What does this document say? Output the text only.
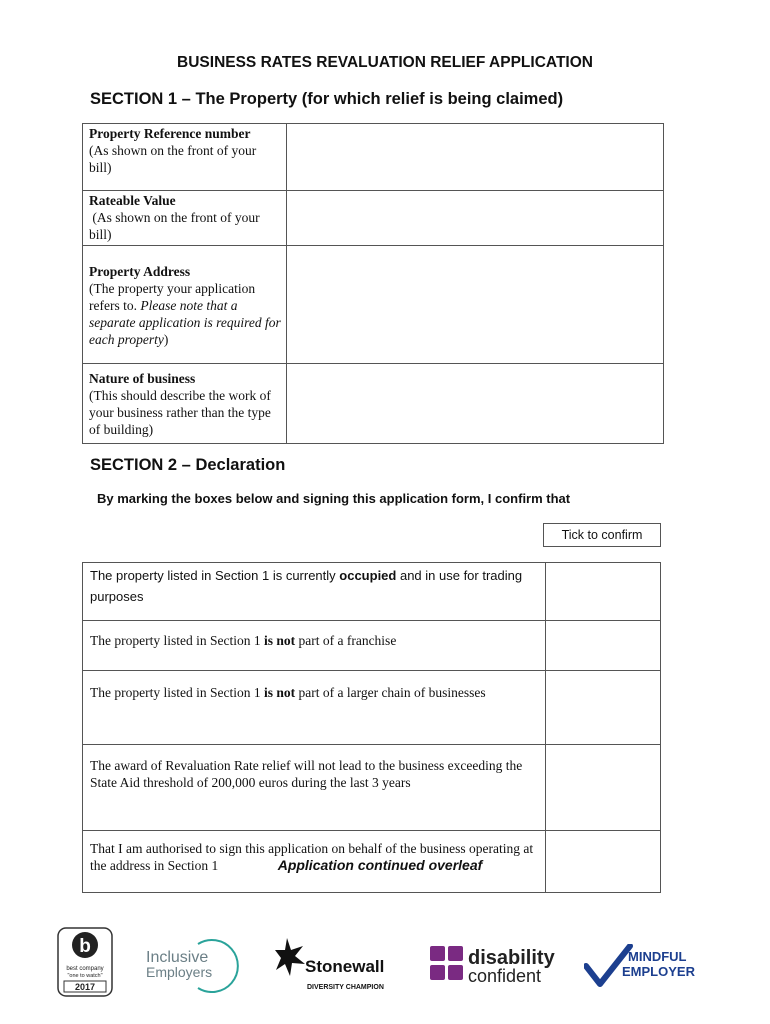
BUSINESS RATES REVALUATION RELIEF APPLICATION
SECTION 1 – The Property (for which relief is being claimed)
Property Reference number
(As shown on the front of your bill)	
Rateable Value
(As shown on the front of your bill)	
Property Address
(The property your application refers to. Please note that a separate application is required for each property)	
Nature of business
(This should describe the work of your business rather than the type of building)	
SECTION 2 – Declaration
By marking the boxes below and signing this application form, I confirm that
Tick to confirm
The property listed in Section 1 is currently occupied and in use for trading purposes	
The property listed in Section 1 is not part of a franchise	
The property listed in Section 1 is not part of a larger chain of businesses	
The award of Revaluation Rate relief will not lead to the business exceeding the State Aid threshold of 200,000 euros during the last 3 years	
That I am authorised to sign this application on behalf of the business operating at the address in Section 1		Application continued overleaf
b
best company
"one to watch"
2017
Inclusive
Employers	Stonewall
DIVERSITY CHAMPION
disability
confident
MINDFUL
EMPLOYER
